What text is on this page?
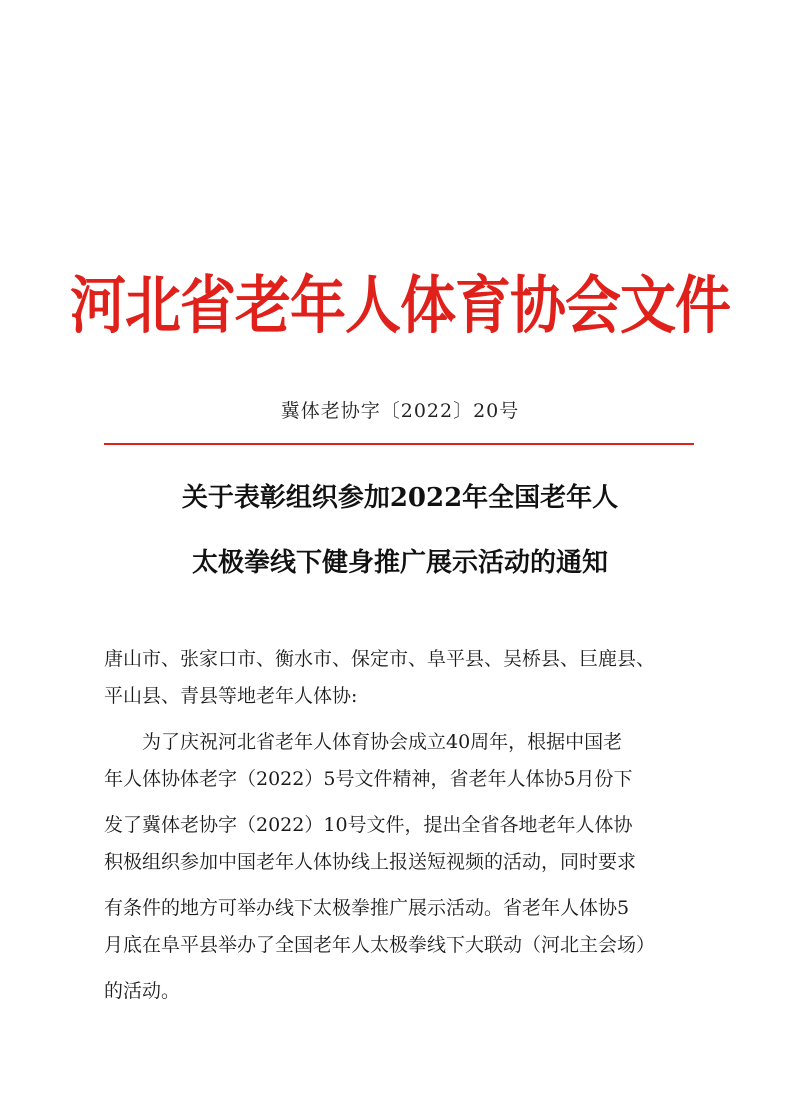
河北省老年人体育协会文件
冀体老协字〔2022〕20号
关于表彰组织参加2022年全国老年人
太极拳线下健身推广展示活动的通知
唐山市、张家口市、衡水市、保定市、阜平县、吴桥县、巨鹿县、
平山县、青县等地老年人体协:
为了庆祝河北省老年人体育协会成立40周年，根据中国老
年人体协体老字（2022）5号文件精神，省老年人体协5月份下
发了冀体老协字（2022）10号文件，提出全省各地老年人体协
积极组织参加中国老年人体协线上报送短视频的活动，同时要求
有条件的地方可举办线下太极拳推广展示活动。省老年人体协5
月底在阜平县举办了全国老年人太极拳线下大联动（河北主会场）
的活动。
